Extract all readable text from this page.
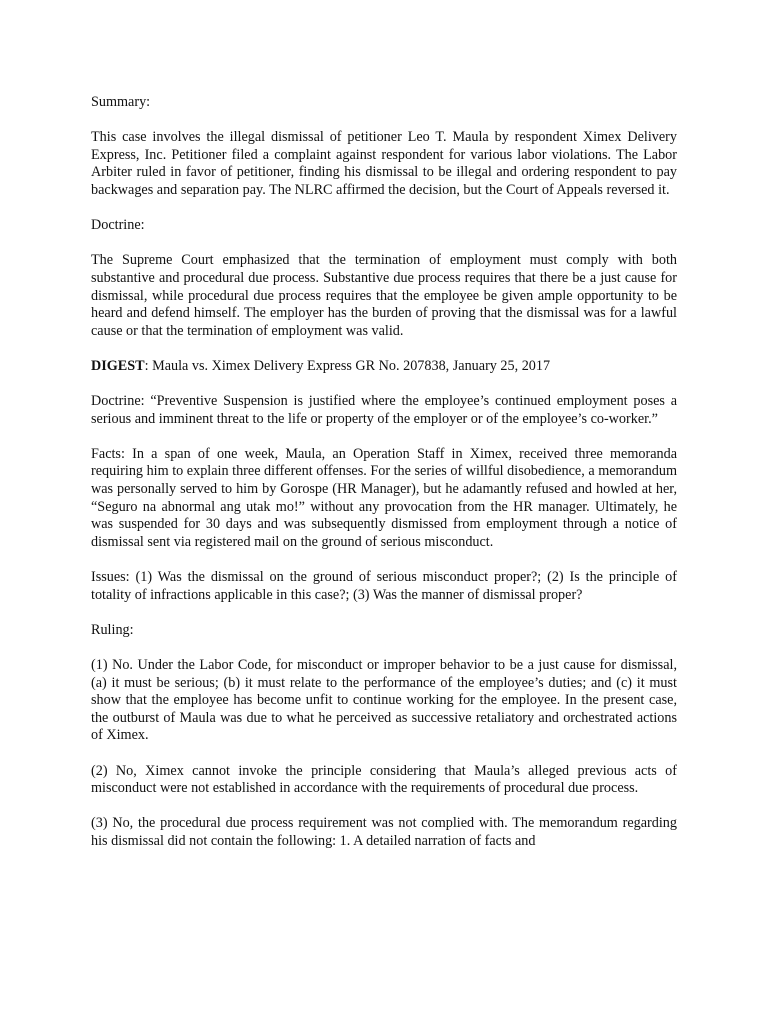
Summary:
This case involves the illegal dismissal of petitioner Leo T. Maula by respondent Ximex Delivery Express, Inc. Petitioner filed a complaint against respondent for various labor violations. The Labor Arbiter ruled in favor of petitioner, finding his dismissal to be illegal and ordering respondent to pay backwages and separation pay. The NLRC affirmed the decision, but the Court of Appeals reversed it.
Doctrine:
The Supreme Court emphasized that the termination of employment must comply with both substantive and procedural due process. Substantive due process requires that there be a just cause for dismissal, while procedural due process requires that the employee be given ample opportunity to be heard and defend himself. The employer has the burden of proving that the dismissal was for a lawful cause or that the termination of employment was valid.
DIGEST: Maula vs. Ximex Delivery Express GR No. 207838, January 25, 2017
Doctrine: “Preventive Suspension is justified where the employee’s continued employment poses a serious and imminent threat to the life or property of the employer or of the employee’s co-worker.”
Facts: In a span of one week, Maula, an Operation Staff in Ximex, received three memoranda requiring him to explain three different offenses. For the series of willful disobedience, a memorandum was personally served to him by Gorospe (HR Manager), but he adamantly refused and howled at her, “Seguro na abnormal ang utak mo!” without any provocation from the HR manager. Ultimately, he was suspended for 30 days and was subsequently dismissed from employment through a notice of dismissal sent via registered mail on the ground of serious misconduct.
Issues: (1) Was the dismissal on the ground of serious misconduct proper?; (2) Is the principle of totality of infractions applicable in this case?; (3) Was the manner of dismissal proper?
Ruling:
(1) No. Under the Labor Code, for misconduct or improper behavior to be a just cause for dismissal, (a) it must be serious; (b) it must relate to the performance of the employee’s duties; and (c) it must show that the employee has become unfit to continue working for the employee. In the present case, the outburst of Maula was due to what he perceived as successive retaliatory and orchestrated actions of Ximex.
(2) No, Ximex cannot invoke the principle considering that Maula’s alleged previous acts of misconduct were not established in accordance with the requirements of procedural due process.
(3) No, the procedural due process requirement was not complied with. The memorandum regarding his dismissal did not contain the following: 1. A detailed narration of facts and
